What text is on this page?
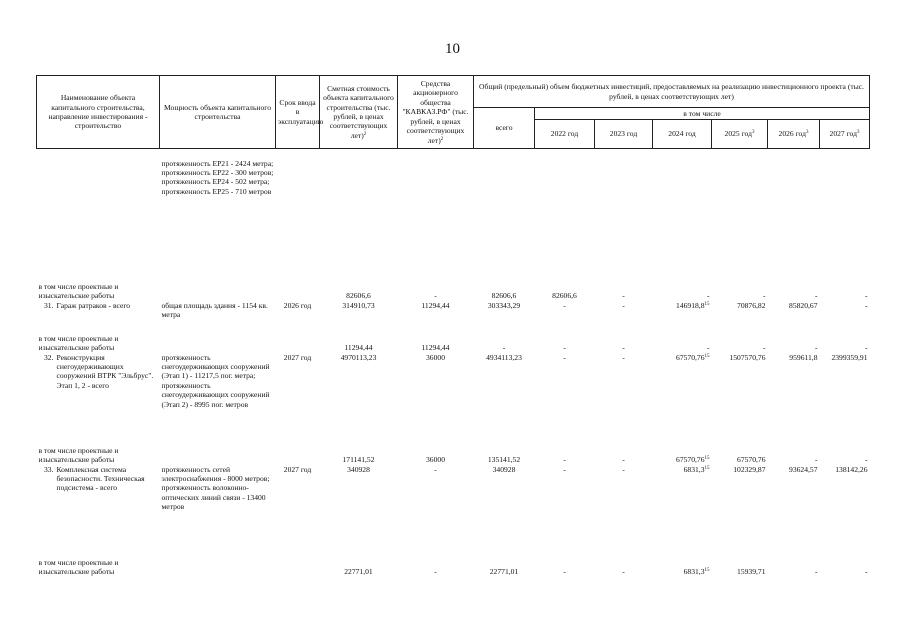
10
Наименование объекта капитального строительства, направление инвестирования - строительство	Мощность объекта капитального строительства	Срок ввода в эксплуатацию	Сметная стоимость объекта капитального строительства (тыс. рублей, в ценах соответствующих лет)$^2$	Средства акционерного общества "КАВКАЗ.РФ" (тыс. рублей, в ценах соответствующих лет)$^2$	Общий (предельный) объем бюджетных инвестиций, предоставляемых на реализацию инвестиционного проекта (тыс. рублей, в ценах соответствующих лет)						
					всего	в том числе					
						2022 год	2023 год	2024 год	2025 год$^3$	2026 год$^3$	2027 год$^3$

	протяженность ЕР21 - 2424 метра; протяженность ЕР22 - 300 метров; протяженность ЕР24 - 502 метра; протяженность ЕР25 - 710 метров										
в том числе проектные и изыскательские работы			82606,6	-	82606,6	82606,6	-	-	-	-	-

31. Гараж ратраков - всего	общая площадь здания - 1154 кв. метра	2026 год	314910,73	11294,44	303343,29	-	-	146918,8$^{15}$	70876,82	85820,67	-
в том числе проектные и изыскательские работы			11294,44	11294,44	-	-	-	-	-	-	-

32. Реконструкция снегоудерживающих сооружений ВТРК "Эльбрус". Этап 1, 2 - всего	протяженность снегоудерживающих сооружений (Этап 1) - 11217,5 пог. метра; протяженность снегоудерживающих сооружений (Этап 2) - 8995 пог. метров	2027 год	4970113,23	36000	4934113,23	-	-	67570,76$^{15}$	1507570,76	959611,8	2399359,91
в том числе проектные и изыскательские работы			171141,52	36000	135141,52	-	-	67570,76$^{15}$	67570,76	-	-

33. Комплексная система безопасности. Техническая подсистема - всего	протяженность сетей электроснабжения - 8000 метров; протяженность волоконно-оптических линий связи - 13400 метров	2027 год	340928	-	340928	-	-	6831,3$^{15}$	102329,87	93624,57	138142,26
в том числе проектные и изыскательские работы			22771,01	-	22771,01	-	-	6831,3$^{15}$	15939,71	-	-
